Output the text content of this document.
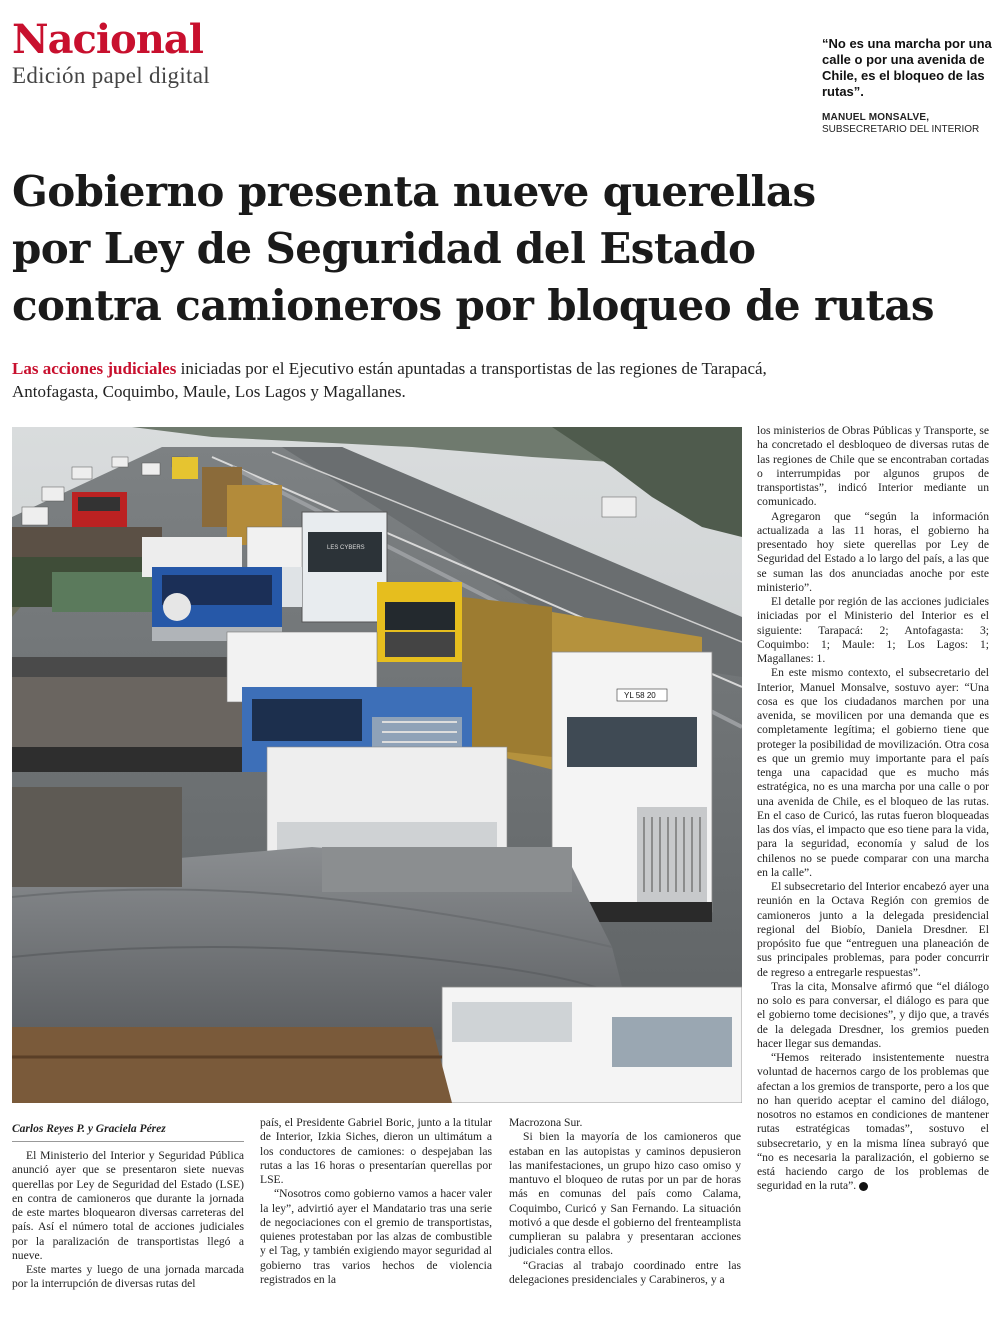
Nacional
Edición papel digital
“No es una marcha por una calle o por una avenida de Chile, es el bloqueo de las rutas”.
MANUEL MONSALVE,
SUBSECRETARIO DEL INTERIOR
Gobierno presenta nueve querellas
por Ley de Seguridad del Estado
contra camioneros por bloqueo de rutas
Las acciones judiciales iniciadas por el Ejecutivo están apuntadas a transportistas de las regiones de Tarapacá, Antofagasta, Coquimbo, Maule, Los Lagos y Magallanes.
LES CYBERS
YL 58 20
Carlos Reyes P. y Graciela Pérez

El Ministerio del Interior y Seguridad Pública anunció ayer que se presentaron siete nuevas querellas por Ley de Seguridad del Estado (LSE) en contra de camioneros que durante la jornada de este martes bloquearon diversas carreteras del país. Así el número total de acciones judiciales por la paralización de transportistas llegó a nueve.

Este martes y luego de una jornada marcada por la interrupción de diversas rutas del

país, el Presidente Gabriel Boric, junto a la titular de Interior, Izkia Siches, dieron un ultimátum a los conductores de camiones: o despejaban las rutas a las 16 horas o presentarían querellas por LSE.

“Nosotros como gobierno vamos a hacer valer la ley”, advirtió ayer el Mandatario tras una serie de negociaciones con el gremio de transportistas, quienes protestaban por las alzas de combustible y el Tag, y también exigiendo mayor seguridad al gobierno tras varios hechos de violencia registrados en la

Macrozona Sur.

Si bien la mayoría de los camioneros que estaban en las autopistas y caminos depusieron las manifestaciones, un grupo hizo caso omiso y mantuvo el bloqueo de rutas por un par de horas más en comunas del país como Calama, Coquimbo, Curicó y San Fernando. La situación motivó a que desde el gobierno del frenteamplista cumplieran su palabra y presentaran acciones judiciales contra ellos.

“Gracias al trabajo coordinado entre las delegaciones presidenciales y Carabineros, y a

los ministerios de Obras Públicas y Transporte, se ha concretado el desbloqueo de diversas rutas de las regiones de Chile que se encontraban cortadas o interrumpidas por algunos grupos de transportistas”, indicó Interior mediante un comunicado.

Agregaron que “según la información actualizada a las 11 horas, el gobierno ha presentado hoy siete querellas por Ley de Seguridad del Estado a lo largo del país, a las que se suman las dos anunciadas anoche por este ministerio”.

El detalle por región de las acciones judiciales iniciadas por el Ministerio del Interior es el siguiente: Tarapacá: 2; Antofagasta: 3; Coquimbo: 1; Maule: 1; Los Lagos: 1; Magallanes: 1.

En este mismo contexto, el subsecretario del Interior, Manuel Monsalve, sostuvo ayer: “Una cosa es que los ciudadanos marchen por una avenida, se movilicen por una demanda que es completamente legítima; el gobierno tiene que proteger la posibilidad de movilización. Otra cosa es que un gremio muy importante para el país tenga una capacidad que es mucho más estratégica, no es una marcha por una calle o por una avenida de Chile, es el bloqueo de las rutas. En el caso de Curicó, las rutas fueron bloqueadas las dos vías, el impacto que eso tiene para la vida, para la seguridad, economía y salud de los chilenos no se puede comparar con una marcha en la calle”.

El subsecretario del Interior encabezó ayer una reunión en la Octava Región con gremios de camioneros junto a la delegada presidencial regional del Biobío, Daniela Dresdner. El propósito fue que “entreguen una planeación de sus principales problemas, para poder concurrir de regreso a entregarle respuestas”.

Tras la cita, Monsalve afirmó que “el diálogo no solo es para conversar, el diálogo es para que el gobierno tome decisiones”, y dijo que, a través de la delegada Dresdner, los gremios pueden hacer llegar sus demandas.

“Hemos reiterado insistentemente nuestra voluntad de hacernos cargo de los problemas que afectan a los gremios de transporte, pero a los que no han querido aceptar el camino del diálogo, nosotros no estamos en condiciones de mantener rutas estratégicas tomadas”, sostuvo el subsecretario, y en la misma línea subrayó que “no es necesaria la paralización, el gobierno se está haciendo cargo de los problemas de seguridad en la ruta”.
